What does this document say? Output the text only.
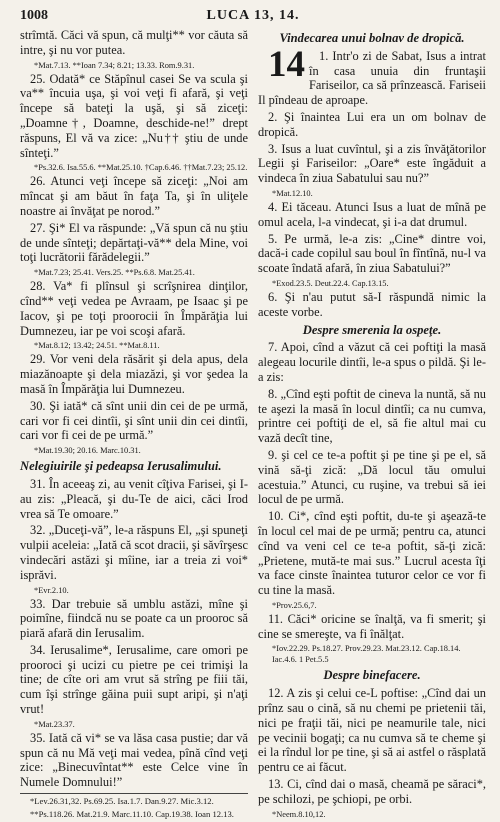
1008	LUCA 13, 14.

strîmtă. Căci vă spun, că mulţi** vor căuta să intre, şi nu vor putea.

*Mat.7.13. **Ioan 7.34; 8.21; 13.33. Rom.9.31.

25. Odată* ce Stăpînul casei Se va scula şi va** încuia uşa, şi voi veţi fi afară, şi veţi începe să bateţi la uşă, şi să ziceţi: „Doamne†, Doamne, deschide-ne!” drept răspuns, El vă va zice: „Nu†† ştiu de unde sînteţi.”

*Ps.32.6. Isa.55.6. **Mat.25.10. †Cap.6.46. ††Mat.7.23; 25.12.

26. Atunci veţi începe să ziceţi: „Noi am mîncat şi am băut în faţa Ta, şi în uliţele noastre ai învăţat pe norod.”

27. Şi* El va răspunde: „Vă spun că nu ştiu de unde sînteţi; depărtaţi-vă** dela Mine, voi toţi lucrătorii fărădelegii.”

*Mat.7.23; 25.41. Vers.25. **Ps.6.8. Mat.25.41.

28. Va* fi plînsul şi scrîşnirea dinţilor, cînd** veţi vedea pe Avraam, pe Isaac şi pe Iacov, şi pe toţi proorocii în Împărăţia lui Dumnezeu, iar pe voi scoşi afară.

*Mat.8.12; 13.42; 24.51. **Mat.8.11.

29. Vor veni dela răsărit şi dela apus, dela miazănoapte şi dela miazăzi, şi vor şedea la masă în Împărăţia lui Dumnezeu.

30. Şi iată* că sînt unii din cei de pe urmă, cari vor fi cei dintîi, şi sînt unii din cei dintîi, cari vor fi cei de pe urmă.”

*Mat.19.30; 20.16. Marc.10.31.

Nelegiuirile şi pedeapsa Ierusalimului.

31. În aceeaş zi, au venit cîţiva Farisei, şi I-au zis: „Pleacă, şi du-Te de aici, căci Irod vrea să Te omoare.”

32. „Duceţi-vă”, le-a răspuns El, „şi spuneţi vulpii aceleia: „Iată că scot dracii, şi săvîrşesc vindecări astăzi şi mîine, iar a treia zi voi* isprăvi.

*Evr.2.10.

33. Dar trebuie să umblu astăzi, mîne şi poimîne, fiindcă nu se poate ca un prooroc să piară afară din Ierusalim.

34. Ierusalime*, Ierusalime, care omori pe prooroci şi ucizi cu pietre pe cei trimişi la tine; de cîte ori am vrut să strîng pe fiii tăi, cum îşi strînge găina puii supt aripi, şi n'aţi vrut!

*Mat.23.37.

35. Iată că vi* se va lăsa casa pustie; dar vă spun că nu Mă veţi mai vedea, pînă cînd veţi zice: „Binecuvîntat** este Celce vine în Numele Domnului!”

*Lev.26.31,32. Ps.69.25. Isa.1.7. Dan.9.27. Mic.3.12.

**Ps.118.26. Mat.21.9. Marc.11.10. Cap.19.38. Ioan 12.13.

Vindecarea unui bolnav de dropică.

14 1. Intr'o zi de Sabat, Isus a intrat în casa unuia din fruntaşii Fariseilor, ca să prînzească. Fariseii Il pîndeau de aproape.

2. Şi înaintea Lui era un om bolnav de dropică.

3. Isus a luat cuvîntul, şi a zis învăţătorilor Legii şi Fariseilor: „Oare* este îngăduit a vindeca în ziua Sabatului sau nu?”

*Mat.12.10.

4. Ei tăceau. Atunci Isus a luat de mînă pe omul acela, l-a vindecat, şi i-a dat drumul.

5. Pe urmă, le-a zis: „Cine* dintre voi, dacă-i cade copilul sau boul în fîntînă, nu-l va scoate îndată afară, în ziua Sabatului?”

*Exod.23.5. Deut.22.4. Cap.13.15.

6. Şi n'au putut să-I răspundă nimic la aceste vorbe.

Despre smerenia la ospeţe.

7. Apoi, cînd a văzut că cei poftiţi la masă alegeau locurile dintîi, le-a spus o pildă. Şi le-a zis:

8. „Cînd eşti poftit de cineva la nuntă, să nu te aşezi la masă în locul dintîi; ca nu cumva, printre cei poftiţi de el, să fie altul mai cu vază decît tine,

9. şi cel ce te-a poftit şi pe tine şi pe el, să vină să-ţi zică: „Dă locul tău omului acestuia.” Atunci, cu ruşine, va trebui să iei locul de pe urmă.

10. Ci*, cînd eşti poftit, du-te şi aşează-te în locul cel mai de pe urmă; pentru ca, atunci cînd va veni cel ce te-a poftit, să-ţi zică: „Prietene, mută-te mai sus.” Lucrul acesta îţi va face cinste înaintea tuturor celor ce vor fi cu tine la masă.

*Prov.25.6,7.

11. Căci* oricine se înalţă, va fi smerit; şi cine se smereşte, va fi înălţat.

*Iov.22.29. Ps.18.27. Prov.29.23. Mat.23.12. Cap.18.14. Iac.4.6. 1 Pet.5.5

Despre binefacere.

12. A zis şi celui ce-L poftise: „Cînd dai un prînz sau o cină, să nu chemi pe prietenii tăi, nici pe fraţii tăi, nici pe neamurile tale, nici pe vecinii bogaţi; ca nu cumva să te cheme şi ei la rîndul lor pe tine, şi să ai astfel o răsplată pentru ce ai făcut.

13. Ci, cînd dai o masă, cheamă pe săraci*, pe schilozi, pe şchiopi, pe orbi.

*Neem.8.10,12.
